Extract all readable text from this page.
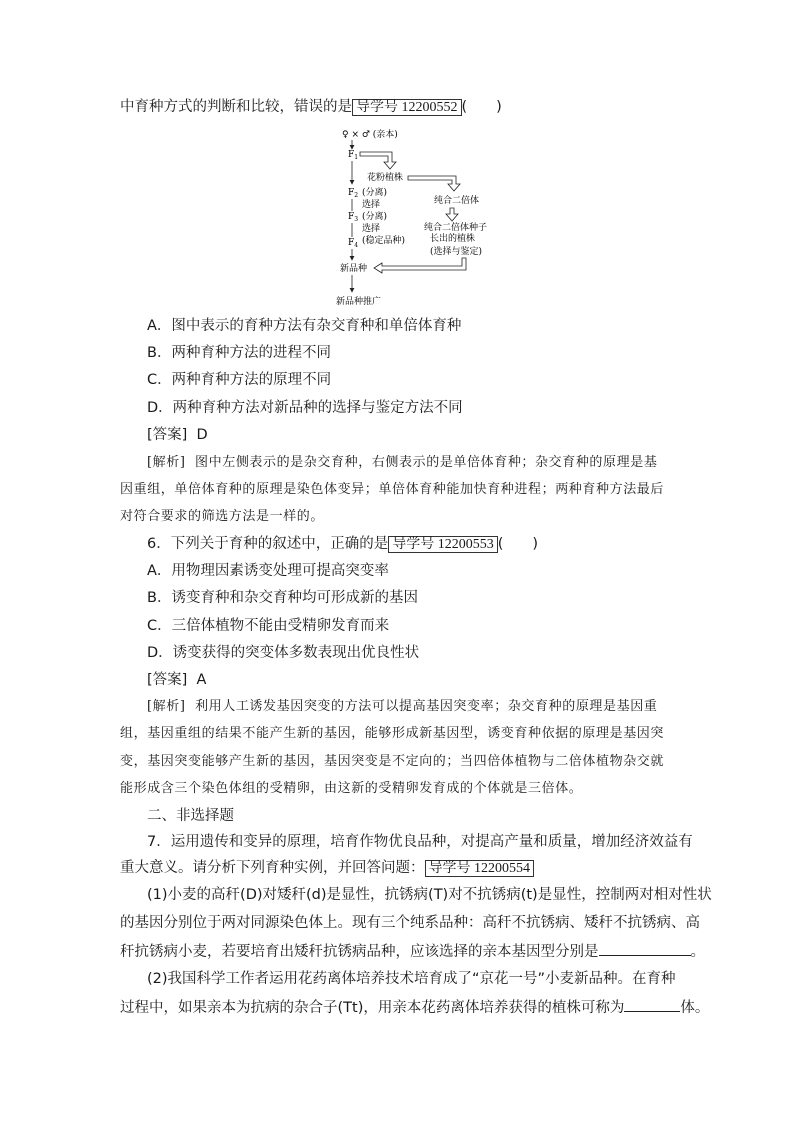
中育种方式的判断和比较，错误的是 导学号 12200552 (　　)
♀ × ♂ (亲本)
$F_1$
$F_2$ (分离)
选择
$F_3$ (分离)
选择
(稳定品种)
$F_4$
新品种
新品种推广
花粉植株
纯合二倍体
纯合二倍体种子
长出的植株
(选择与鉴定)
A．图中表示的育种方法有杂交育种和单倍体育种
B．两种育种方法的进程不同
C．两种育种方法的原理不同
D．两种育种方法对新品种的选择与鉴定方法不同
[答案] D
[解析] 图中左侧表示的是杂交育种，右侧表示的是单倍体育种；杂交育种的原理是基
因重组，单倍体育种的原理是染色体变异；单倍体育种能加快育种进程；两种育种方法最后
对符合要求的筛选方法是一样的。
6．下列关于育种的叙述中，正确的是 导学号 12200553 (　　)
A．用物理因素诱变处理可提高突变率
B．诱变育种和杂交育种均可形成新的基因
C．三倍体植物不能由受精卵发育而来
D．诱变获得的突变体多数表现出优良性状
[答案] A
[解析] 利用人工诱发基因突变的方法可以提高基因突变率；杂交育种的原理是基因重
组，基因重组的结果不能产生新的基因，能够形成新基因型，诱变育种依据的原理是基因突
变，基因突变能够产生新的基因，基因突变是不定向的；当四倍体植物与二倍体植物杂交就
能形成含三个染色体组的受精卵，由这新的受精卵发育成的个体就是三倍体。
二、非选择题
7．运用遗传和变异的原理，培育作物优良品种，对提高产量和质量，增加经济效益有
重大意义。请分析下列育种实例，并回答问题： 导学号 12200554
(1)小麦的高秆(D)对矮秆(d)是显性，抗锈病(T)对不抗锈病(t)是显性，控制两对相对性状
的基因分别位于两对同源染色体上。现有三个纯系品种：高秆不抗锈病、矮秆不抗锈病、高
秆抗锈病小麦，若要培育出矮秆抗锈病品种，应该选择的亲本基因型分别是	。
(2)我国科学工作者运用花药离体培养技术培育成了“京花一号”小麦新品种。在育种
过程中，如果亲本为抗病的杂合子(Tt)，用亲本花药离体培养获得的植株可称为	体。
